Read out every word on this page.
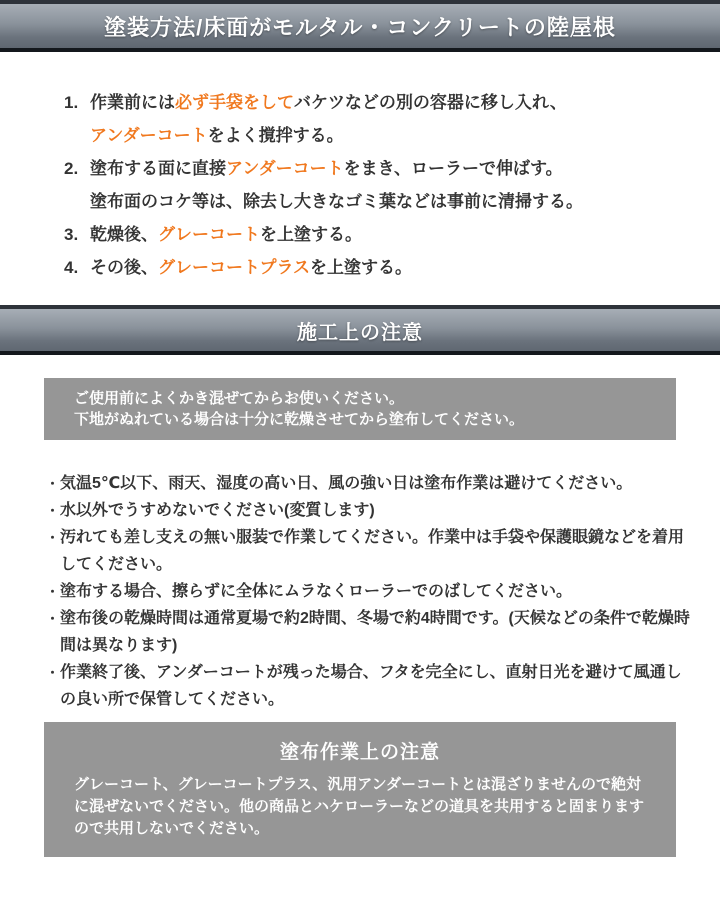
塗装方法/床面がモルタル・コンクリートの陸屋根
1. 作業前には必ず手袋をしてバケツなどの別の容器に移し入れ、
アンダーコートをよく撹拌する。
2. 塗布する面に直接アンダーコートをまき、ローラーで伸ばす。
塗布面のコケ等は、除去し大きなゴミ葉などは事前に清掃する。
3. 乾燥後、グレーコートを上塗する。
4. その後、グレーコートプラスを上塗する。
施工上の注意
ご使用前によくかき混ぜてからお使いください。
下地がぬれている場合は十分に乾燥させてから塗布してください。
・ 気温5℃以下、雨天、湿度の高い日、風の強い日は塗布作業は避けてください。
・ 水以外でうすめないでください(変質します)
・ 汚れても差し支えの無い服装で作業してください。作業中は手袋や保護眼鏡などを着用してください。
・ 塗布する場合、擦らずに全体にムラなくローラーでのばしてください。
・ 塗布後の乾燥時間は通常夏場で約2時間、冬場で約4時間です。(天候などの条件で乾燥時間は異なります)
・ 作業終了後、アンダーコートが残った場合、フタを完全にし、直射日光を避けて風通しの良い所で保管してください。
塗布作業上の注意
グレーコート、グレーコートプラス、汎用アンダーコートとは混ざりませんので絶対に混ぜないでください。他の商品とハケローラーなどの道具を共用すると固まりますので共用しないでください。
